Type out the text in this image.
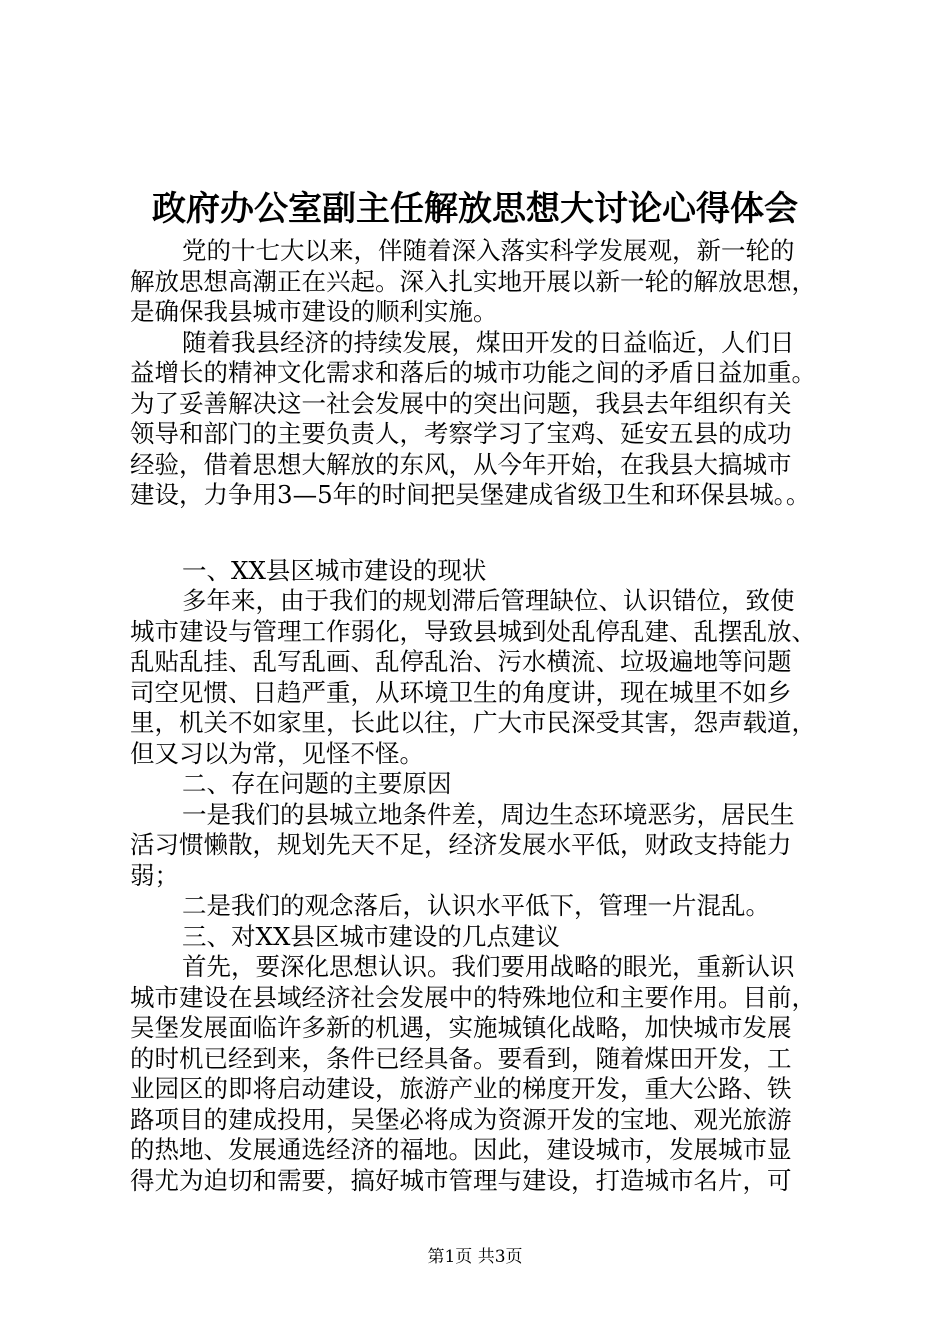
政府办公室副主任解放思想大讨论心得体会
党的十七大以来，伴随着深入落实科学发展观，新一轮的
解放思想高潮正在兴起。深入扎实地开展以新一轮的解放思想，
是确保我县城市建设的顺利实施。
随着我县经济的持续发展，煤田开发的日益临近，人们日
益增长的精神文化需求和落后的城市功能之间的矛盾日益加重。
为了妥善解决这一社会发展中的突出问题，我县去年组织有关
领导和部门的主要负责人，考察学习了宝鸡、延安五县的成功
经验，借着思想大解放的东风，从今年开始，在我县大搞城市
建设，力争用3—5年的时间把吴堡建成省级卫生和环保县城。。
一、XX县区城市建设的现状
多年来，由于我们的规划滞后管理缺位、认识错位，致使
城市建设与管理工作弱化，导致县城到处乱停乱建、乱摆乱放、
乱贴乱挂、乱写乱画、乱停乱治、污水横流、垃圾遍地等问题
司空见惯、日趋严重，从环境卫生的角度讲，现在城里不如乡
里，机关不如家里，长此以往，广大市民深受其害，怨声载道，
但又习以为常，见怪不怪。
二、存在问题的主要原因
一是我们的县城立地条件差，周边生态环境恶劣，居民生
活习惯懒散，规划先天不足，经济发展水平低，财政支持能力
弱；
二是我们的观念落后，认识水平低下，管理一片混乱。
三、对XX县区城市建设的几点建议
首先，要深化思想认识。我们要用战略的眼光，重新认识
城市建设在县域经济社会发展中的特殊地位和主要作用。目前，
吴堡发展面临许多新的机遇，实施城镇化战略，加快城市发展
的时机已经到来，条件已经具备。要看到，随着煤田开发，工
业园区的即将启动建设，旅游产业的梯度开发，重大公路、铁
路项目的建成投用，吴堡必将成为资源开发的宝地、观光旅游
的热地、发展通选经济的福地。因此，建设城市，发展城市显
得尤为迫切和需要，搞好城市管理与建设，打造城市名片，可
第1页 共3页
